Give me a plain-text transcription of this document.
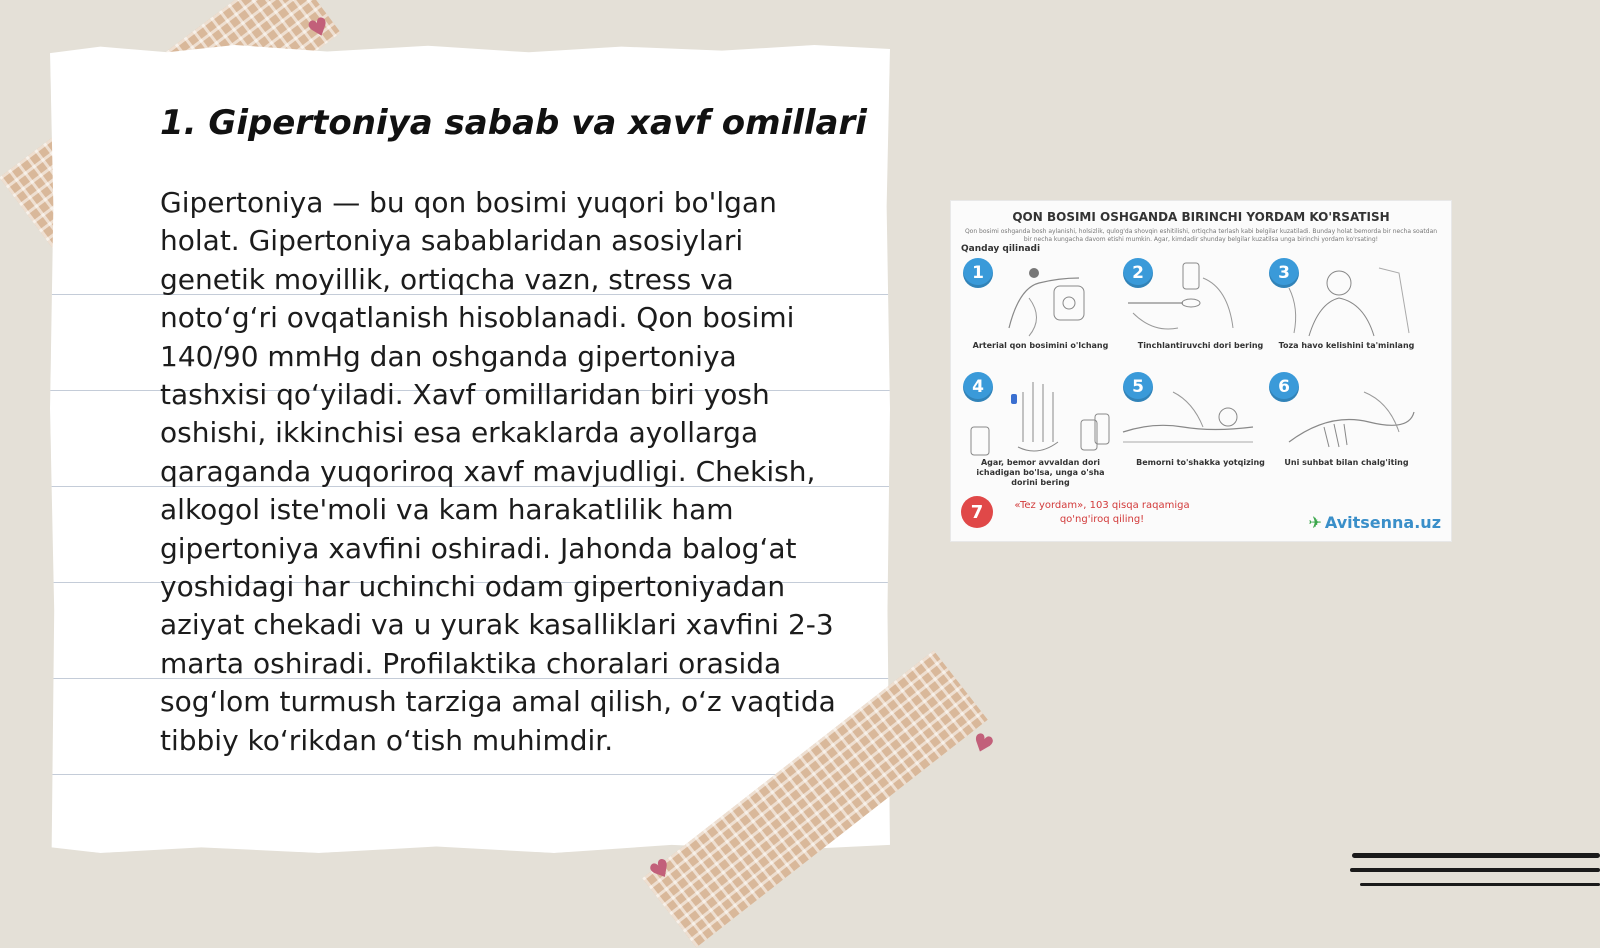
♥
1. Gipertoniya sabab va xavf omillari

Gipertoniya — bu qon bosimi yuqori bo'lgan holat. Gipertoniya sabablaridan asosiylari genetik moyillik, ortiqcha vazn, stress va noto‘g‘ri ovqatlanish hisoblanadi. Qon bosimi 140/90 mmHg dan oshganda gipertoniya tashxisi qo‘yiladi. Xavf omillaridan biri yosh oshishi, ikkinchisi esa erkaklarda ayollarga qaraganda yuqoriroq xavf mavjudligi. Chekish, alkogol iste'moli va kam harakatlilik ham gipertoniya xavfini oshiradi. Jahonda balog‘at yoshidagi har uchinchi odam gipertoniyadan aziyat chekadi va u yurak kasalliklari xavfini 2-3 marta oshiradi. Profilaktika choralari orasida sog‘lom turmush tarziga amal qilish, o‘z vaqtida tibbiy ko‘rikdan o‘tish muhimdir.

♥
♥
QON BOSIMI OSHGANDA BIRINCHI YORDAM KO'RSATISH
Qon bosimi oshganda bosh aylanishi, holsizlik, qulog'da shovqin eshitilishi, ortiqcha terlash kabi belgilar kuzatiladi. Bunday holat bemorda bir necha soatdan bir necha kungacha davom etishi mumkin. Agar, kimdadir shunday belgilar kuzatilsa unga birinchi yordam ko'rsating!
Qanday qilinadi
1
Arterial qon bosimini o'lchang
2
Tinchlantiruvchi dori bering
3
Toza havo kelishini ta'minlang
4
Agar, bemor avvaldan dori ichadigan bo'lsa, unga o'sha dorini bering
5
Bemorni to'shakka yotqizing
6
Uni suhbat bilan chalg'iting
7	«Tez yordam», 103 qisqa raqamiga
qo'ng'iroq qiling!	✈ Avitsenna.uz
